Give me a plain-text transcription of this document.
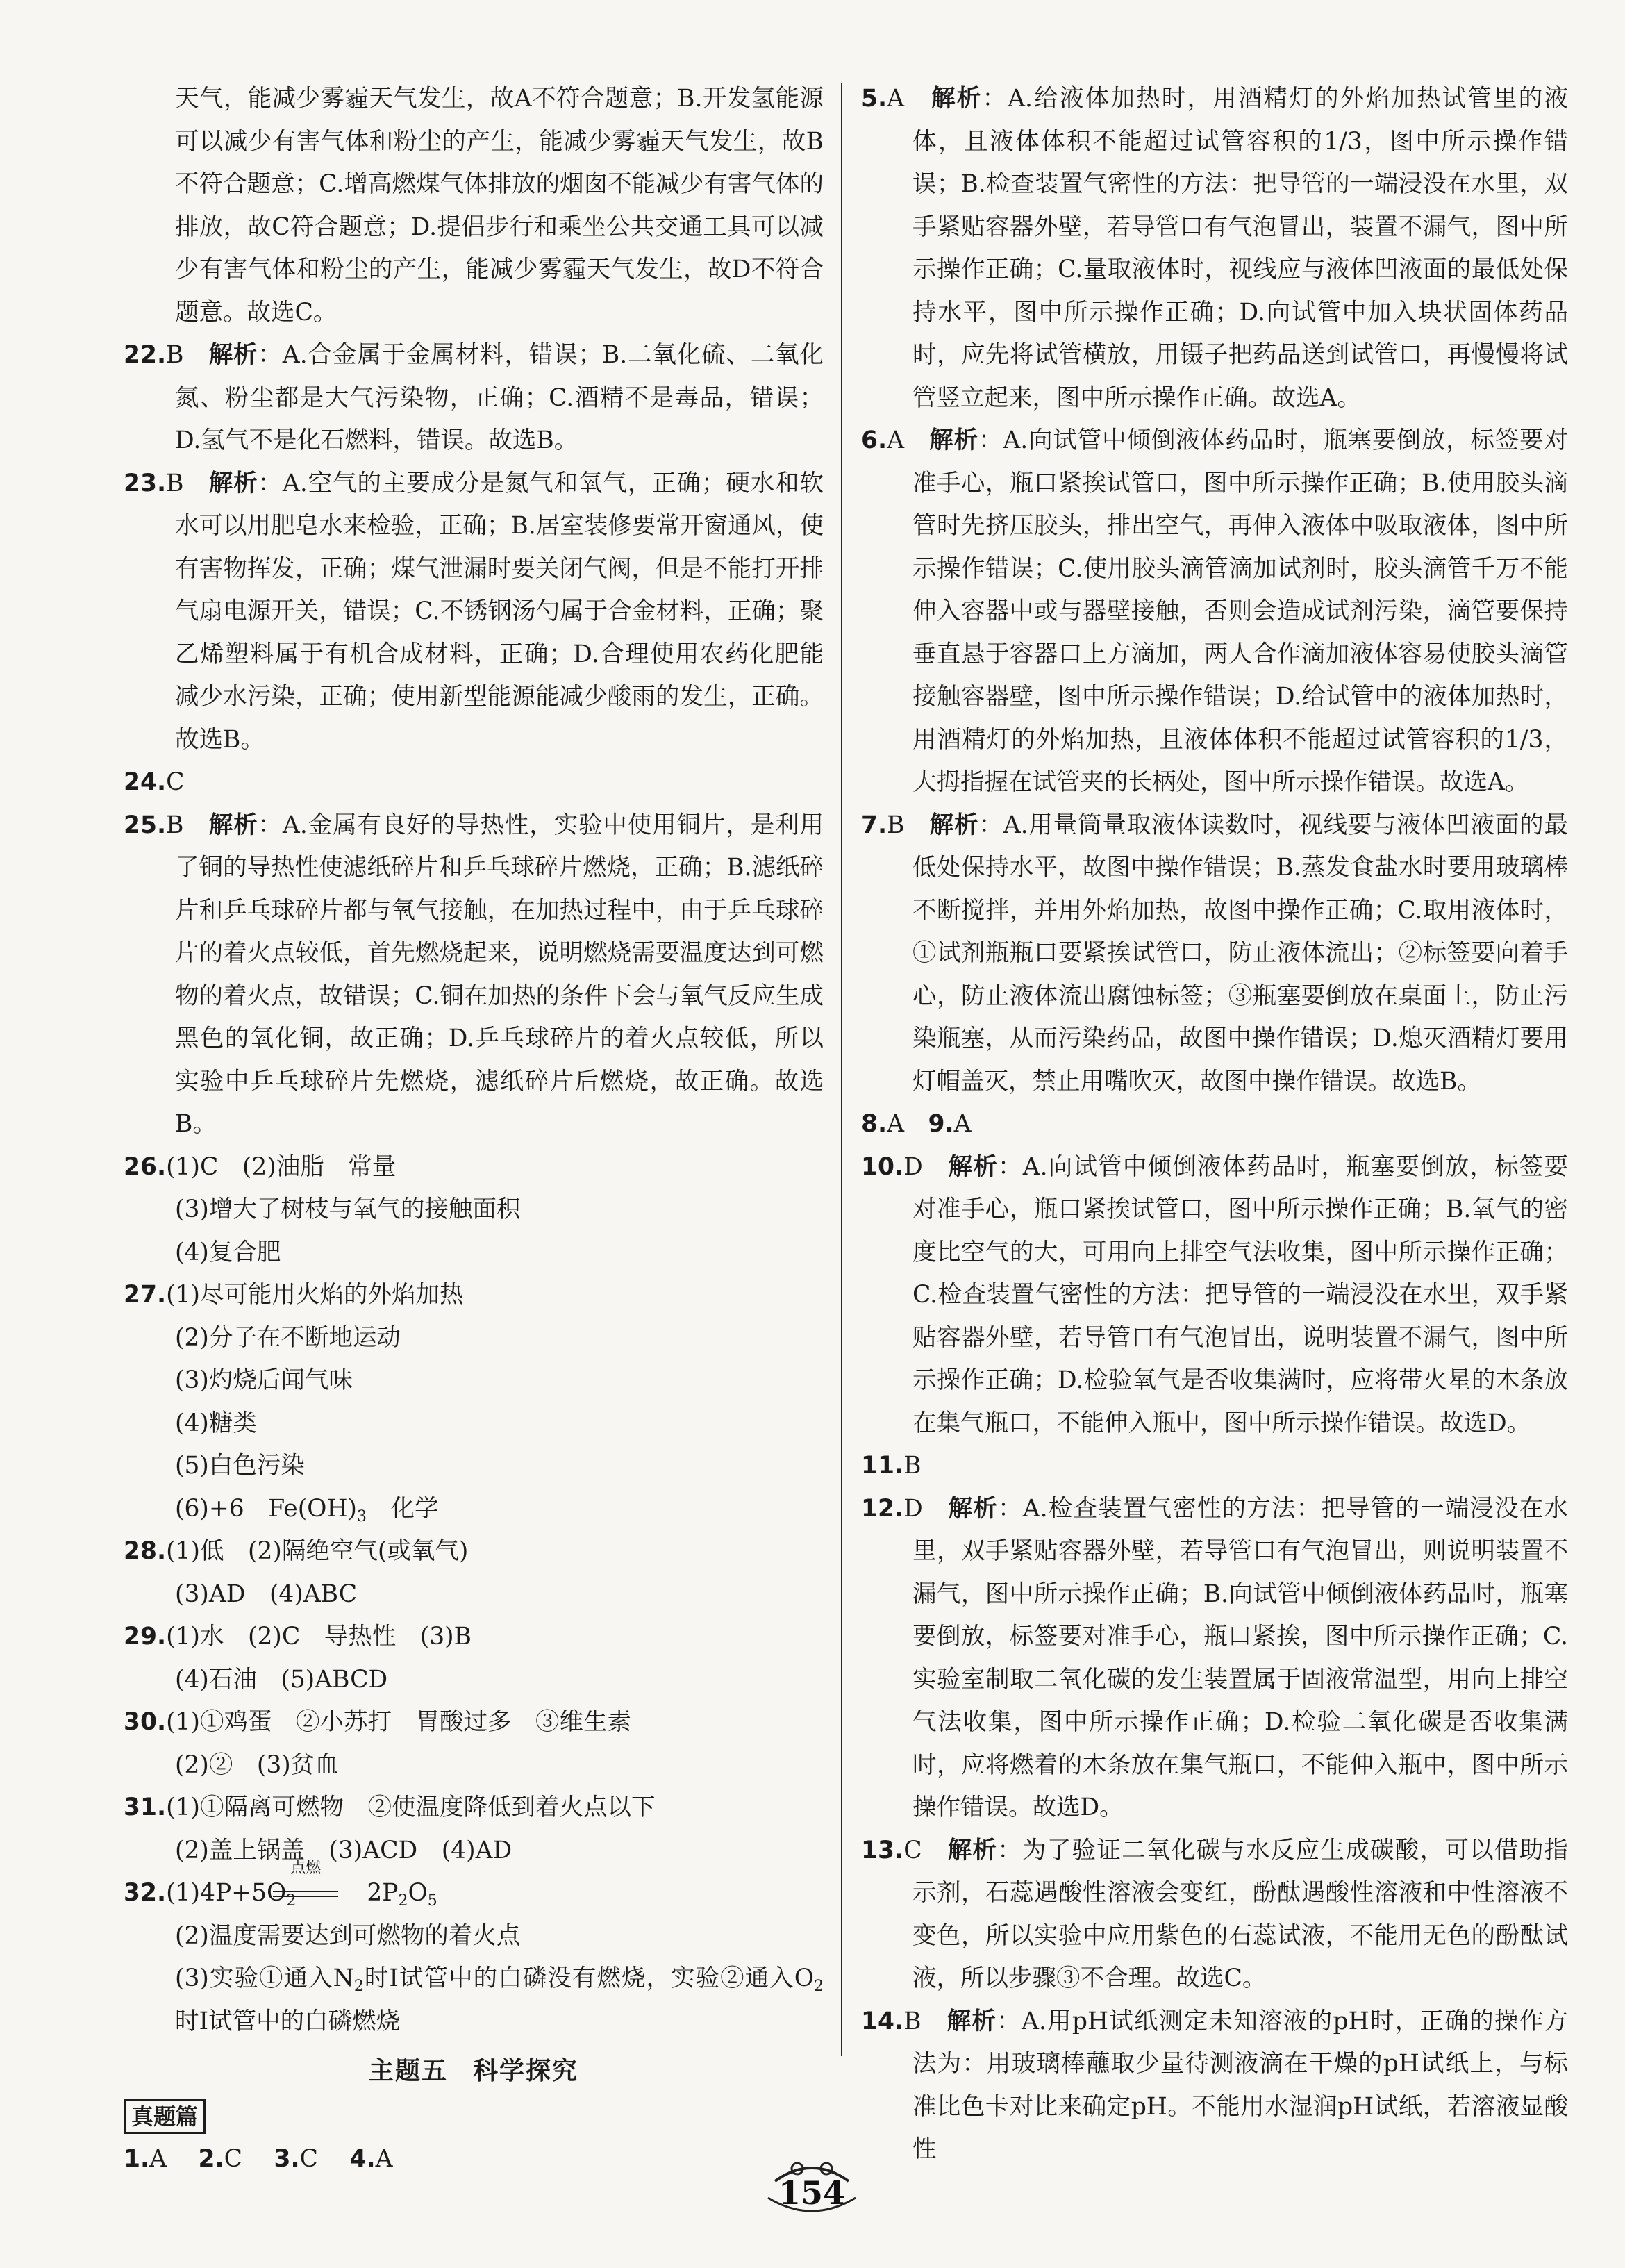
天气，能减少雾霾天气发生，故A不符合题意；B.开发氢能源可以减少有害气体和粉尘的产生，能减少雾霾天气发生，故B不符合题意；C.增高燃煤气体排放的烟囱不能减少有害气体的排放，故C符合题意；D.提倡步行和乘坐公共交通工具可以减少有害气体和粉尘的产生，能减少雾霾天气发生，故D不符合题意。故选C。

22.B　 解析：A.合金属于金属材料，错误；B.二氧化硫、二氧化氮、粉尘都是大气污染物，正确；C.酒精不是毒品，错误；D.氢气不是化石燃料，错误。故选B。

23.B　 解析：A.空气的主要成分是氮气和氧气，正确；硬水和软水可以用肥皂水来检验，正确；B.居室装修要常开窗通风，使有害物挥发，正确；煤气泄漏时要关闭气阀，但是不能打开排气扇电源开关，错误；C.不锈钢汤勺属于合金材料，正确；聚乙烯塑料属于有机合成材料，正确；D.合理使用农药化肥能减少水污染，正确；使用新型能源能减少酸雨的发生，正确。故选B。

24.C

25.B　 解析：A.金属有良好的导热性，实验中使用铜片，是利用了铜的导热性使滤纸碎片和乒乓球碎片燃烧，正确；B.滤纸碎片和乒乓球碎片都与氧气接触，在加热过程中，由于乒乓球碎片的着火点较低，首先燃烧起来，说明燃烧需要温度达到可燃物的着火点，故错误；C.铜在加热的条件下会与氧气反应生成黑色的氧化铜，故正确；D.乒乓球碎片的着火点较低，所以实验中乒乓球碎片先燃烧，滤纸碎片后燃烧，故正确。故选B。

26.(1)C　(2)油脂　常量

(3)增大了树枝与氧气的接触面积

(4)复合肥

27.(1)尽可能用火焰的外焰加热

(2)分子在不断地运动

(3)灼烧后闻气味

(4)糖类

(5)白色污染

(6)+6　$Fe(OH)_3$　化学

28.(1)低　(2)隔绝空气(或氧气)

(3)AD　(4)ABC

29.(1)水　(2)C　导热性　(3)B

(4)石油　(5)ABCD

30.(1)①鸡蛋　②小苏打　胃酸过多　③维生素

(2)②　(3)贫血

31.(1)①隔离可燃物　②使温度降低到着火点以下

(2)盖上锅盖　(3)ACD　(4)AD

$32.(1)4P+5O_2$
点燃
$2P_2O_5$

(2)温度需要达到可燃物的着火点

(3)实验①通入$N_2$时Ⅰ试管中的白磷没有燃烧，实验②通入$O_2$时Ⅰ试管中的白磷燃烧

主题五 科学探究
真题篇

1.A　 2.C　 3.C　 4.A

5.A　 解析：A.给液体加热时，用酒精灯的外焰加热试管里的液体，且液体体积不能超过试管容积的1/3，图中所示操作错误；B.检查装置气密性的方法：把导管的一端浸没在水里，双手紧贴容器外壁，若导管口有气泡冒出，装置不漏气，图中所示操作正确；C.量取液体时，视线应与液体凹液面的最低处保持水平，图中所示操作正确；D.向试管中加入块状固体药品时，应先将试管横放，用镊子把药品送到试管口，再慢慢将试管竖立起来，图中所示操作正确。故选A。

6.A　 解析：A.向试管中倾倒液体药品时，瓶塞要倒放，标签要对准手心，瓶口紧挨试管口，图中所示操作正确；B.使用胶头滴管时先挤压胶头，排出空气，再伸入液体中吸取液体，图中所示操作错误；C.使用胶头滴管滴加试剂时，胶头滴管千万不能伸入容器中或与器壁接触，否则会造成试剂污染，滴管要保持垂直悬于容器口上方滴加，两人合作滴加液体容易使胶头滴管接触容器壁，图中所示操作错误；D.给试管中的液体加热时，用酒精灯的外焰加热，且液体体积不能超过试管容积的1/3，大拇指握在试管夹的长柄处，图中所示操作错误。故选A。

7.B　 解析：A.用量筒量取液体读数时，视线要与液体凹液面的最低处保持水平，故图中操作错误；B.蒸发食盐水时要用玻璃棒不断搅拌，并用外焰加热，故图中操作正确；C.取用液体时，①试剂瓶瓶口要紧挨试管口，防止液体流出；②标签要向着手心，防止液体流出腐蚀标签；③瓶塞要倒放在桌面上，防止污染瓶塞，从而污染药品，故图中操作错误；D.熄灭酒精灯要用灯帽盖灭，禁止用嘴吹灭，故图中操作错误。故选B。

8.A　 9.A

10.D　 解析：A.向试管中倾倒液体药品时，瓶塞要倒放，标签要对准手心，瓶口紧挨试管口，图中所示操作正确；B.氧气的密度比空气的大，可用向上排空气法收集，图中所示操作正确；C.检查装置气密性的方法：把导管的一端浸没在水里，双手紧贴容器外壁，若导管口有气泡冒出，说明装置不漏气，图中所示操作正确；D.检验氧气是否收集满时，应将带火星的木条放在集气瓶口，不能伸入瓶中，图中所示操作错误。故选D。

11.B

12.D　 解析：A.检查装置气密性的方法：把导管的一端浸没在水里，双手紧贴容器外壁，若导管口有气泡冒出，则说明装置不漏气，图中所示操作正确；B.向试管中倾倒液体药品时，瓶塞要倒放，标签要对准手心，瓶口紧挨，图中所示操作正确；C.实验室制取二氧化碳的发生装置属于固液常温型，用向上排空气法收集，图中所示操作正确；D.检验二氧化碳是否收集满时，应将燃着的木条放在集气瓶口，不能伸入瓶中，图中所示操作错误。故选D。

13.C　 解析：为了验证二氧化碳与水反应生成碳酸，可以借助指示剂，石蕊遇酸性溶液会变红，酚酞遇酸性溶液和中性溶液不变色，所以实验中应用紫色的石蕊试液，不能用无色的酚酞试液，所以步骤③不合理。故选C。

14.B　 解析：A.用pH试纸测定未知溶液的pH时，正确的操作方法为：用玻璃棒蘸取少量待测液滴在干燥的pH试纸上，与标准比色卡对比来确定pH。不能用水湿润pH试纸，若溶液显酸性

154
